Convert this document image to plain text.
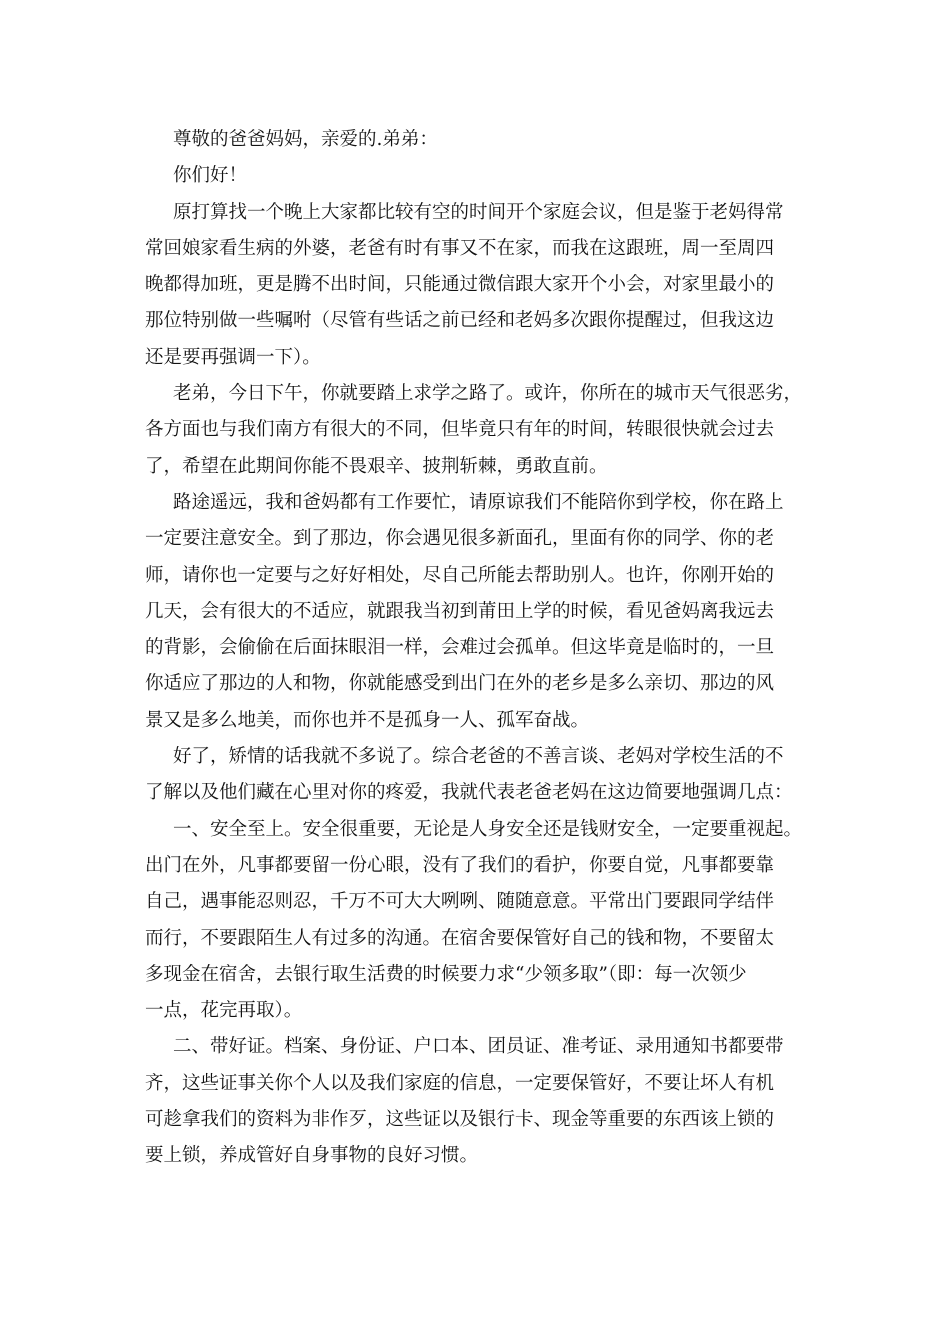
尊敬的爸爸妈妈，亲爱的.弟弟：
你们好！
原打算找一个晚上大家都比较有空的时间开个家庭会议，但是鉴于老妈得常
常回娘家看生病的外婆，老爸有时有事又不在家，而我在这跟班，周一至周四
晚都得加班，更是腾不出时间，只能通过微信跟大家开个小会，对家里最小的
那位特别做一些嘱咐（尽管有些话之前已经和老妈多次跟你提醒过，但我这边
还是要再强调一下）。
老弟，今日下午，你就要踏上求学之路了。或许，你所在的城市天气很恶劣，
各方面也与我们南方有很大的不同，但毕竟只有年的时间，转眼很快就会过去
了，希望在此期间你能不畏艰辛、披荆斩棘，勇敢直前。
路途遥远，我和爸妈都有工作要忙，请原谅我们不能陪你到学校，你在路上
一定要注意安全。到了那边，你会遇见很多新面孔，里面有你的同学、你的老
师，请你也一定要与之好好相处，尽自己所能去帮助别人。也许，你刚开始的
几天，会有很大的不适应，就跟我当初到莆田上学的时候，看见爸妈离我远去
的背影，会偷偷在后面抹眼泪一样，会难过会孤单。但这毕竟是临时的，一旦
你适应了那边的人和物，你就能感受到出门在外的老乡是多么亲切、那边的风
景又是多么地美，而你也并不是孤身一人、孤军奋战。
好了，矫情的话我就不多说了。综合老爸的不善言谈、老妈对学校生活的不
了解以及他们藏在心里对你的疼爱，我就代表老爸老妈在这边简要地强调几点：
一、安全至上。安全很重要，无论是人身安全还是钱财安全，一定要重视起。
出门在外，凡事都要留一份心眼，没有了我们的看护，你要自觉，凡事都要靠
自己，遇事能忍则忍，千万不可大大咧咧、随随意意。平常出门要跟同学结伴
而行，不要跟陌生人有过多的沟通。在宿舍要保管好自己的钱和物，不要留太
多现金在宿舍，去银行取生活费的时候要力求“少领多取”（即：每一次领少
一点，花完再取）。
二、带好证。档案、身份证、户口本、团员证、准考证、录用通知书都要带
齐，这些证事关你个人以及我们家庭的信息，一定要保管好，不要让坏人有机
可趁拿我们的资料为非作歹，这些证以及银行卡、现金等重要的东西该上锁的
要上锁，养成管好自身事物的良好习惯。
